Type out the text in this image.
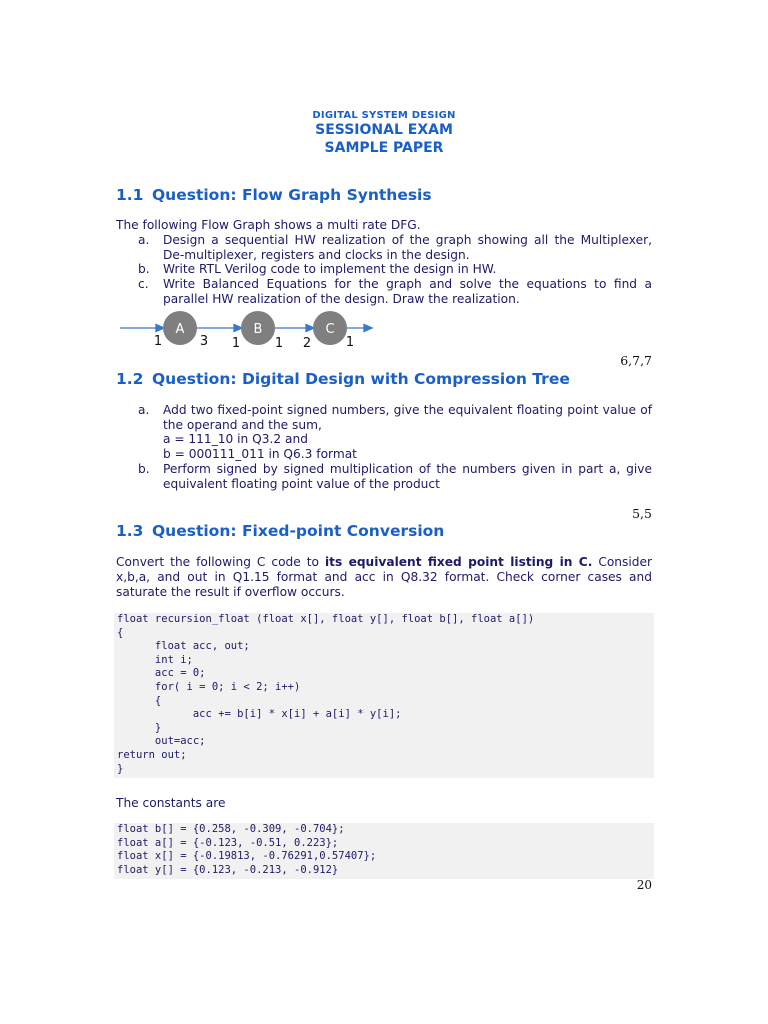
DIGITAL SYSTEM DESIGN
SESSIONAL EXAM
SAMPLE PAPER
1.1 Question: Flow Graph Synthesis
The following Flow Graph shows a multi rate DFG.
a.	Design a sequential HW realization of the graph showing all the Multiplexer, De-multiplexer, registers and clocks in the design.
b.	Write RTL Verilog code to implement the design in HW.
c.	Write Balanced Equations for the graph and solve the equations to find a parallel HW realization of the design. Draw the realization.
A	B	C
1	3 1	1 2	1
6,7,7
1.2 Question: Digital Design with Compression Tree
a.	Add two fixed-point signed numbers, give the equivalent floating point value of the operand and the sum,
a = 111_10 in Q3.2 and
b = 000111_011 in Q6.3 format
b.	Perform signed by signed multiplication of the numbers given in part a, give equivalent floating point value of the product
5,5
1.3 Question: Fixed-point Conversion
Convert the following C code to its equivalent fixed point listing in C. Consider x,b,a, and out in Q1.15 format and acc in Q8.32 format. Check corner cases and saturate the result if overflow occurs.
float recursion_float (float x[], float y[], float b[], float a[])
{
float acc, out;
int i;
acc = 0;
for( i = 0; i < 2; i++)
{
acc += b[i] * x[i] + a[i] * y[i];
}
out=acc;
return out;
}
The constants are
float b[] = {0.258, -0.309, -0.704};
float a[] = {-0.123, -0.51, 0.223};
float x[] = {-0.19813, -0.76291,0.57407};
float y[] = {0.123, -0.213, -0.912}
20
